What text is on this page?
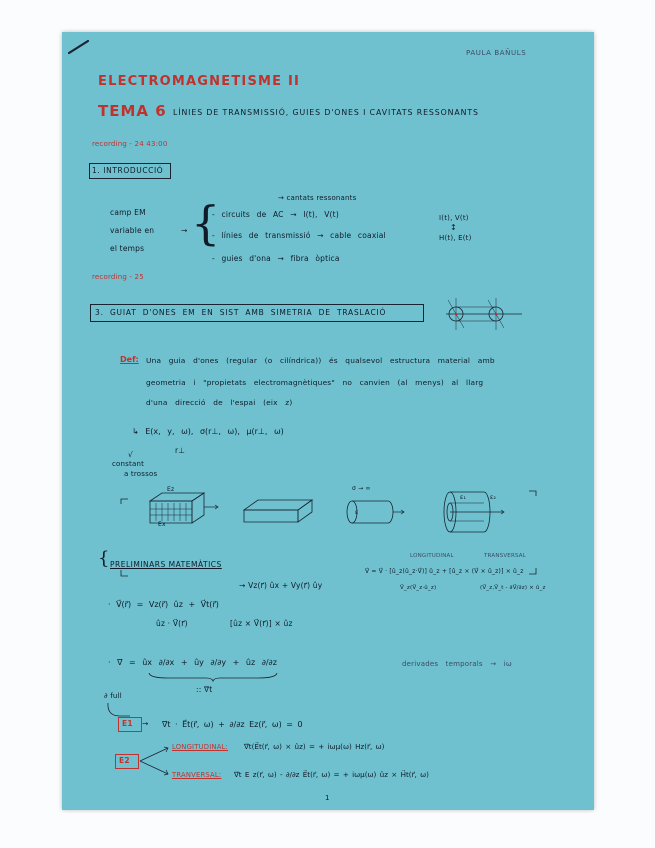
PAULA BAÑULS
ELECTROMAGNETISME II
TEMA 6 LÍNIES DE TRANSMISSIÓ, GUIES D'ONES I CAVITATS RESSONANTS
recording - 24 43:00
1. INTRODUCCIÓ
→ cantats ressonants
camp EM
variable en
el temps
→ {
- circuits de AC → I(t), V(t)
- línies de transmissió → cable coaxial
- guies d'ona → fibra òptica
I(t), V(t)
↕
H(t), E(t)
recording - 25
3. GUIAT D'ONES EM EN SIST AMB SIMETRIA DE TRASLACIÓ
Def: Una guia d'ones (regular (o cilíndrica)) és qualsevol estructura material amb
geometria i "propietats electromagnètiques" no canvien (al menys) al llarg
d'una direcció de l'espai (eix z)
↳ E(x, y, ω), σ(r⊥, ω), μ(r⊥, ω)
√	r⊥
constant
a trossos
Ez
Ex
σ → ∞
ε
ε₁	ε₂
{ PRELIMINARS MATEMÀTICS
LONGITUDINAL	TRANSVERSAL
V⃗ = V⃗ · [û_z(û_z·V⃗)] û_z + [û_z × (V⃗ × û_z)] × û_z
V⃗_z(V⃗_z·û_z)	(V⃗_z,V⃗_t - ∂V⃗/∂z) × û_z
→ Vz(r⃗) ûx + Vy(r⃗) ûy
· V⃗(r⃗) = Vz(r⃗) ûz + V⃗t(r⃗)
ûz · V⃗(r⃗)	[ûz × V⃗(r⃗)] × ûz
· ∇⃗ = ûx ∂/∂x + ûy ∂/∂y + ûz ∂/∂z
:: ∇⃗t
derivades temporals → iω
∂ full
E1 → ∇⃗t · E⃗t(r⃗, ω) + ∂/∂z Ez(r⃗, ω) = 0
E2
LONGITUDINAL: ∇⃗t(E⃗t(r⃗, ω) × ûz) = + iωμ(ω) Hz(r⃗, ω)
TRANVERSAL: ∇⃗t E z(r⃗, ω) - ∂/∂z E⃗t(r⃗, ω) = + iωμ(ω) ûz × H⃗t(r⃗, ω)
1
